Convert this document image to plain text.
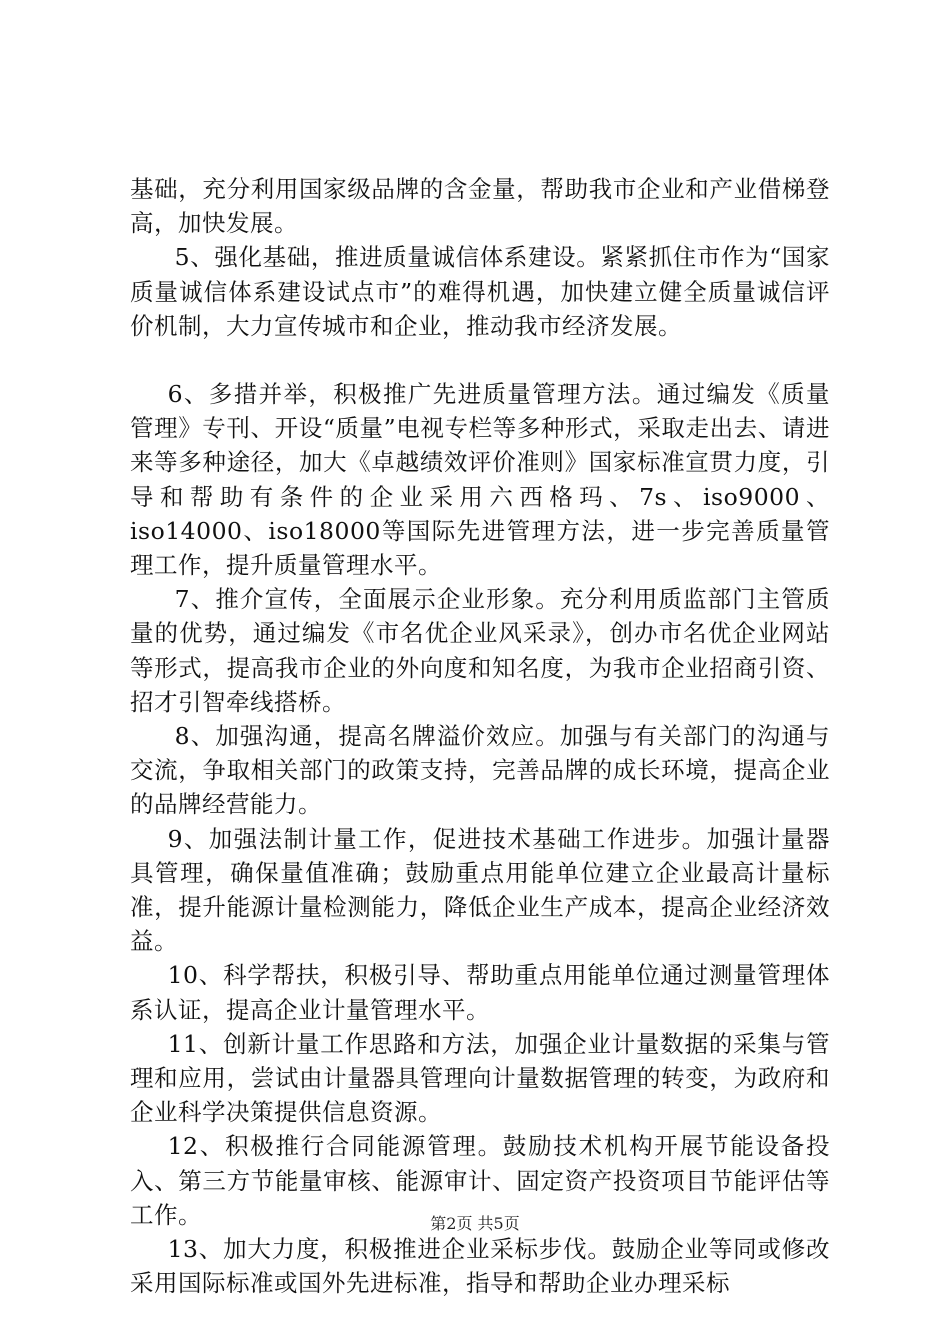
基础，充分利用国家级品牌的含金量，帮助我市企业和产业借梯登高，加快发展。

5、强化基础，推进质量诚信体系建设。紧紧抓住市作为“国家质量诚信体系建设试点市”的难得机遇，加快建立健全质量诚信评价机制，大力宣传城市和企业，推动我市经济发展。

6、多措并举，积极推广先进质量管理方法。通过编发《质量管理》专刊、开设“质量”电视专栏等多种形式，采取走出去、请进来等多种途径，加大《卓越绩效评价准则》国家标准宣贯力度，引导和帮助有条件的企业采用六西格玛、7s、iso9000、iso14000、iso18000等国际先进管理方法，进一步完善质量管理工作，提升质量管理水平。

7、推介宣传，全面展示企业形象。充分利用质监部门主管质量的优势，通过编发《市名优企业风采录》，创办市名优企业网站等形式，提高我市企业的外向度和知名度，为我市企业招商引资、招才引智牵线搭桥。

8、加强沟通，提高名牌溢价效应。加强与有关部门的沟通与交流，争取相关部门的政策支持，完善品牌的成长环境，提高企业的品牌经营能力。

9、加强法制计量工作，促进技术基础工作进步。加强计量器具管理，确保量值准确；鼓励重点用能单位建立企业最高计量标准，提升能源计量检测能力，降低企业生产成本，提高企业经济效益。

10、科学帮扶，积极引导、帮助重点用能单位通过测量管理体系认证，提高企业计量管理水平。

11、创新计量工作思路和方法，加强企业计量数据的采集与管理和应用，尝试由计量器具管理向计量数据管理的转变，为政府和企业科学决策提供信息资源。

12、积极推行合同能源管理。鼓励技术机构开展节能设备投入、第三方节能量审核、能源审计、固定资产投资项目节能评估等工作。

13、加大力度，积极推进企业采标步伐。鼓励企业等同或修改采用国际标准或国外先进标准，指导和帮助企业办理采标

第2页 共5页
